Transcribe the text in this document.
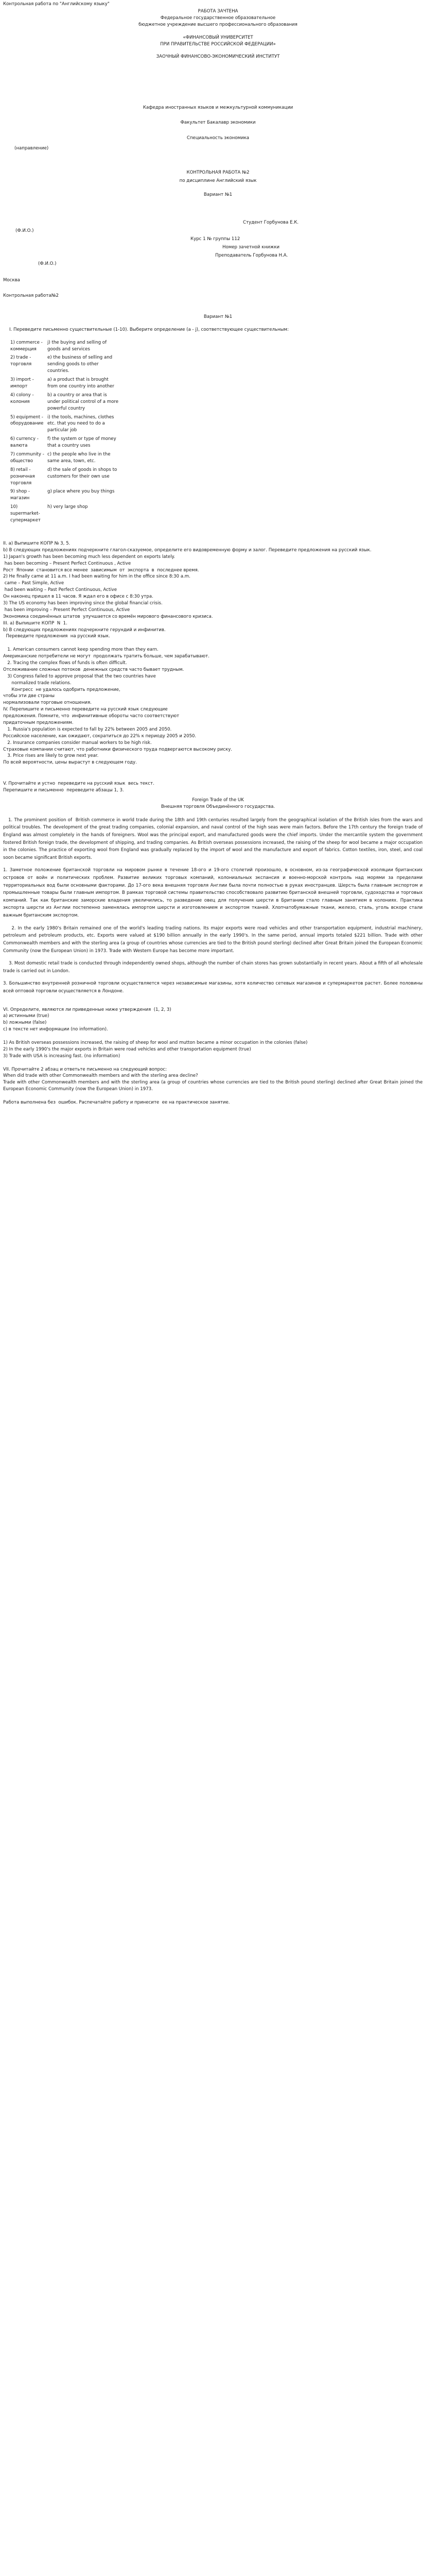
Контрольная работа по "Английскому языку"

РАБОТА ЗАЧТЕНА

Федеральное государственное образовательное

бюджетное учреждение высшего профессионального образования

«ФИНАНСОВЫЙ УНИВЕРСИТЕТ

ПРИ ПРАВИТЕЛЬСТВЕ РОССИЙСКОЙ ФЕДЕРАЦИИ»

ЗАОЧНЫЙ ФИНАНСОВО-ЭКОНОМИЧЕСКИЙ ИНСТИТУТ

Кафедра иностранных языков и межкультурной коммуникации

Факультет Бакалавр экономики

Специальность экономика

(направление)

КОНТРОЛЬНАЯ РАБОТА №2

по дисциплине Английский язык

Вариант №1

Студент Горбунова Е.К.

(Ф.И.О.)

Курс 1 № группы 112

Номер зачетной книжки

Преподаватель Горбунова Н.А.

(Ф.И.О.)

Москва

Контрольная работа№2

Вариант №1

I. Переведите письменно существительные (1-10). Выберите определение (a - j), соответствующее существительным:

1) commerce - коммерция	j) the buying and selling of goods and services
2) trade - торговля	e) the business of selling and sending goods to other countries.
3) import - импорт	a) a product that is brought from one country into another
4) colony - колония	b) a country or area that is under political control of a more powerful country
5) equipment - оборудование	i) the tools, machines, clothes etc. that you need to do a particular job
6) currency - валюта	f) the system or type of money that a country uses
7) community - общество	c) the people who live in the same area, town, etc.
8) retail - розничная торговля	d) the sale of goods in shops to customers for their own use
9) shop - магазин	g) place where you buy things
10) supermarket- супермаркет	h) very large shop

II. a) Выпишите КОПР № 3, 5.

b) В следующих предложениях подчеркните глагол-сказуемое, определите его видовременную форму и залог. Переведите предложения на русский язык.

1) Japan's growth has been becoming much less dependent on exports lately.

has been becoming – Present Perfect Continuous , Active

Рост  Японии  становится все менее  зависимым  от  экспорта  в  последнее время.

2) He finally came at 11 a.m. I had been waiting for him in the office since 8:30 a.m.

came – Past Simple, Active

had been waiting – Past Perfect Continuous, Active

Он наконец пришел в 11 часов. Я ждал его в офисе с 8:30 утра.

3) The US economy has been improving since the global financial crisis.

has been improving – Present Perfect Continuous, Active

Экономика соединённых штатов  улучшается со времён мирового финансового кризиса.

III. a) Выпишите КОПР  N  1.

b) В следующих предложениях подчеркните герундий и инфинитив.

Переведите предложения  на русский язык.

1. American consumers cannot keep spending more than they earn.

Американские потребители не могут  продолжать тратить больше, чем зарабатывают.

2. Tracing the complex flows of funds is often difficult.

Отслеживание сложных потоков  денежных средств часто бывает трудным.

3) Congress failed to approve proposal that the two countries have

normalized trade relations.

Конгресс  не удалось одобрить предложение,

чтобы эти две страны

нормализовали торговые отношения.

IV. Перепишите и письменно переведите на русский язык следующие

предложения. Помните, что  инфинитивные обороты часто соответствуют

придаточным предложениям.

1. Russia's population is expected to fall by 22% between 2005 and 2050.

Российское население, как ожидают, сократиться до 22% к периоду 2005 и 2050.

2. Insurance companies consider manual workers to be high risk.

Страховые компании считают, что работники физического труда подвергаются высокому риску.

3. Price rises are likely to grow next year.

По всей вероятности, цены вырастут в следующем году.

V. Прочитайте и устно  переведите на русский язык  весь текст.

Перепишите и письменно  переведите абзацы 1, 3.

Foreign Trade of the UK

Внешняя торговля Объединённого государства.

1. The prominent position of  British commerce in world trade during the 18th and 19th centuries resulted largely from the geographical isolation of the British isles from the wars and political troubles. The development of the great trading companies, colonial expansion, and naval control of the high seas were main factors. Before the 17th century the foreign trade of England was almost completely in the hands of foreigners. Wool was the principal export, and manufactured goods were the chief imports. Under the mercantile system the government fostered British foreign trade, the development of shipping, and trading companies. As British overseas possessions increased, the raising of the sheep for wool became a major occupation in the colonies. The practice of exporting wool from England was gradually replaced by the import of wool and the manufacture and export of fabrics. Cotton textiles, iron, steel, and coal soon became significant British exports.

1. Заметное положение британской торговли на мировом рынке в течение 18-ого и 19-ого столетий произошло, в основном, из-за географической изоляции британских островов от войн и политических проблем. Развитие великих торговых компаний, колониальных экспансия и военно-морской контроль над морями за пределами территориальных вод были основными факторами. До 17-ого века внешняя торговля Англии была почти полностью в руках иностранцев. Шерсть была главным экспортом и промышленные товары были главным импортом. В рамках торговой системы правительство способствовало развитию британской внешней торговли, судоходства и торговых компаний. Так как британские заморские владения увеличились, то разведение овец для получения шерсти в Британии стало главным занятием в колониях. Практика экспорта шерсти из Англии постепенно заменялась импортом шерсти и изготовлением и экспортом тканей. Хлопчатобумажные ткани, железо, сталь, уголь вскоре стали важным британским экспортом.

2. In the early 1980's Britain remained one of the world's leading trading nations. Its major exports were road vehicles and other transportation equipment, industrial machinery, petroleum and petroleum products, etc. Exports were valued at $190 billion annually in the early 1990's. In the same period, annual imports totaled $221 billion. Trade with other Commonwealth members and with the sterling area (a group of countries whose currencies are tied to the British pound sterling) declined after Great Britain joined the European Economic Community (now the European Union) in 1973. Trade with Western Europe has become more important.

3. Most domestic retail trade is conducted through independently owned shops, although the number of chain stores has grown substantially in recent years. About a fifth of all wholesale trade is carried out in London.

3. Большинство внутренней розничной торговли осуществляется через независимые магазины, хотя количество сетевых магазинов и супермаркетов растет. Более половины всей оптовой торговли осуществляется в Лондоне.

VI. Определите, являются ли приведенные ниже утверждения  (1, 2, 3)

а) истинными (true)

b) ложными (false)

c) в тексте нет информации (no information).

1) As British overseas possessions increased, the raising of sheep for wool and mutton became a minor occupation in the colonies (false)

2) In the early 1990's the major exports in Britain were road vehicles and other transportation equipment (true)

3) Trade with USA is increasing fast. (no information)

VII. Прочитайте 2 абзац и ответьте письменно на следующий вопрос:

When did trade with other Commonwealth members and with the sterling area decline?

Trade with other Commonwealth members and with the sterling area (a group of countries whose currencies are tied to the British pound sterling) declined after Great Britain joined the European Economic Community (now the European Union) in 1973.

Работа выполнена без  ошибок. Распечатайте работу и принесите  ее на практическое занятие.
